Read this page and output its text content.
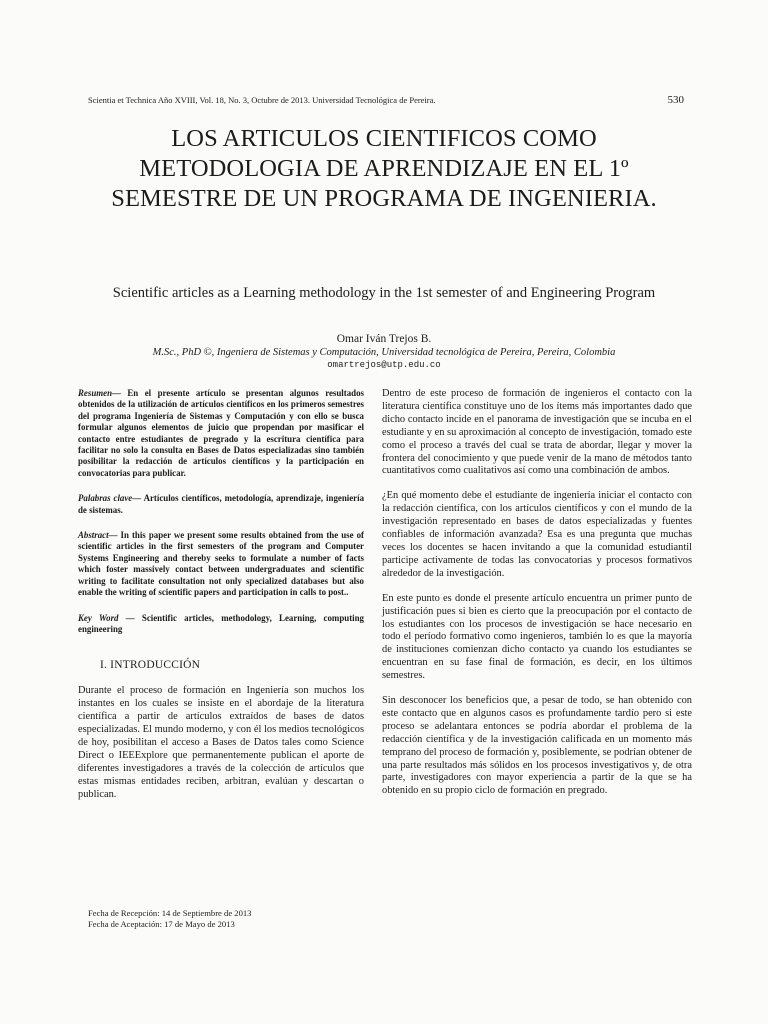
Scientia et Technica Año XVIII, Vol. 18, No. 3, Octubre de 2013. Universidad Tecnológica de Pereira.	530
LOS ARTICULOS CIENTIFICOS COMO METODOLOGIA DE APRENDIZAJE EN EL 1º SEMESTRE DE UN PROGRAMA DE INGENIERIA.
Scientific articles as a Learning methodology in the 1st semester of and Engineering Program
Omar Iván Trejos B.
M.Sc., PhD ©, Ingeniera de Sistemas y Computación, Universidad tecnológica de Pereira, Pereira, Colombia
omartrejos@utp.edu.co

Resumen— En el presente artículo se presentan algunos resultados obtenidos de la utilización de artículos científicos en los primeros semestres del programa Ingeniería de Sistemas y Computación y con ello se busca formular algunos elementos de juicio que propendan por masificar el contacto entre estudiantes de pregrado y la escritura científica para facilitar no solo la consulta en Bases de Datos especializadas sino también posibilitar la redacción de artículos científicos y la participación en convocatorias para publicar.

Palabras clave— Artículos científicos, metodología, aprendizaje, ingeniería de sistemas.

Abstract— In this paper we present some results obtained from the use of scientific articles in the first semesters of the program and Computer Systems Engineering and thereby seeks to formulate a number of facts which foster massively contact between undergraduates and scientific writing to facilitate consultation not only specialized databases but also enable the writing of scientific papers and participation in calls to post..

Key Word — Scientific articles, methodology, Learning, computing engineering

I. INTRODUCCIÓN

Durante el proceso de formación en Ingeniería son muchos los instantes en los cuales se insiste en el abordaje de la literatura científica a partir de artículos extraídos de bases de datos especializadas. El mundo moderno, y con él los medios tecnológicos de hoy, posibilitan el acceso a Bases de Datos tales como Science Direct o IEEExplore que permanentemente publican el aporte de diferentes investigadores a través de la colección de artículos que estas mismas entidades reciben, arbitran, evalúan y descartan o publican.

Dentro de este proceso de formación de ingenieros el contacto con la literatura científica constituye uno de los ítems más importantes dado que dicho contacto incide en el panorama de investigación que se incuba en el estudiante y en su aproximación al concepto de investigación, tomado este como el proceso a través del cual se trata de abordar, llegar y mover la frontera del conocimiento y que puede venir de la mano de métodos tanto cuantitativos como cualitativos así como una combinación de ambos.

¿En qué momento debe el estudiante de ingeniería iniciar el contacto con la redacción científica, con los artículos científicos y con el mundo de la investigación representado en bases de datos especializadas y fuentes confiables de información avanzada? Esa es una pregunta que muchas veces los docentes se hacen invitando a que la comunidad estudiantil participe activamente de todas las convocatorias y procesos formativos alrededor de la investigación.

En este punto es donde el presente artículo encuentra un primer punto de justificación pues si bien es cierto que la preocupación por el contacto de los estudiantes con los procesos de investigación se hace necesario en todo el período formativo como ingenieros, también lo es que la mayoría de instituciones comienzan dicho contacto ya cuando los estudiantes se encuentran en su fase final de formación, es decir, en los últimos semestres.

Sin desconocer los beneficios que, a pesar de todo, se han obtenido con este contacto que en algunos casos es profundamente tardío pero si este proceso se adelantara entonces se podría abordar el problema de la redacción científica y de la investigación calificada en un momento más temprano del proceso de formación y, posiblemente, se podrían obtener de una parte resultados más sólidos en los procesos investigativos y, de otra parte, investigadores con mayor experiencia a partir de la que se ha obtenido en su propio ciclo de formación en pregrado.

Fecha de Recepción: 14 de Septiembre de 2013
Fecha de Aceptación: 17 de Mayo de 2013
